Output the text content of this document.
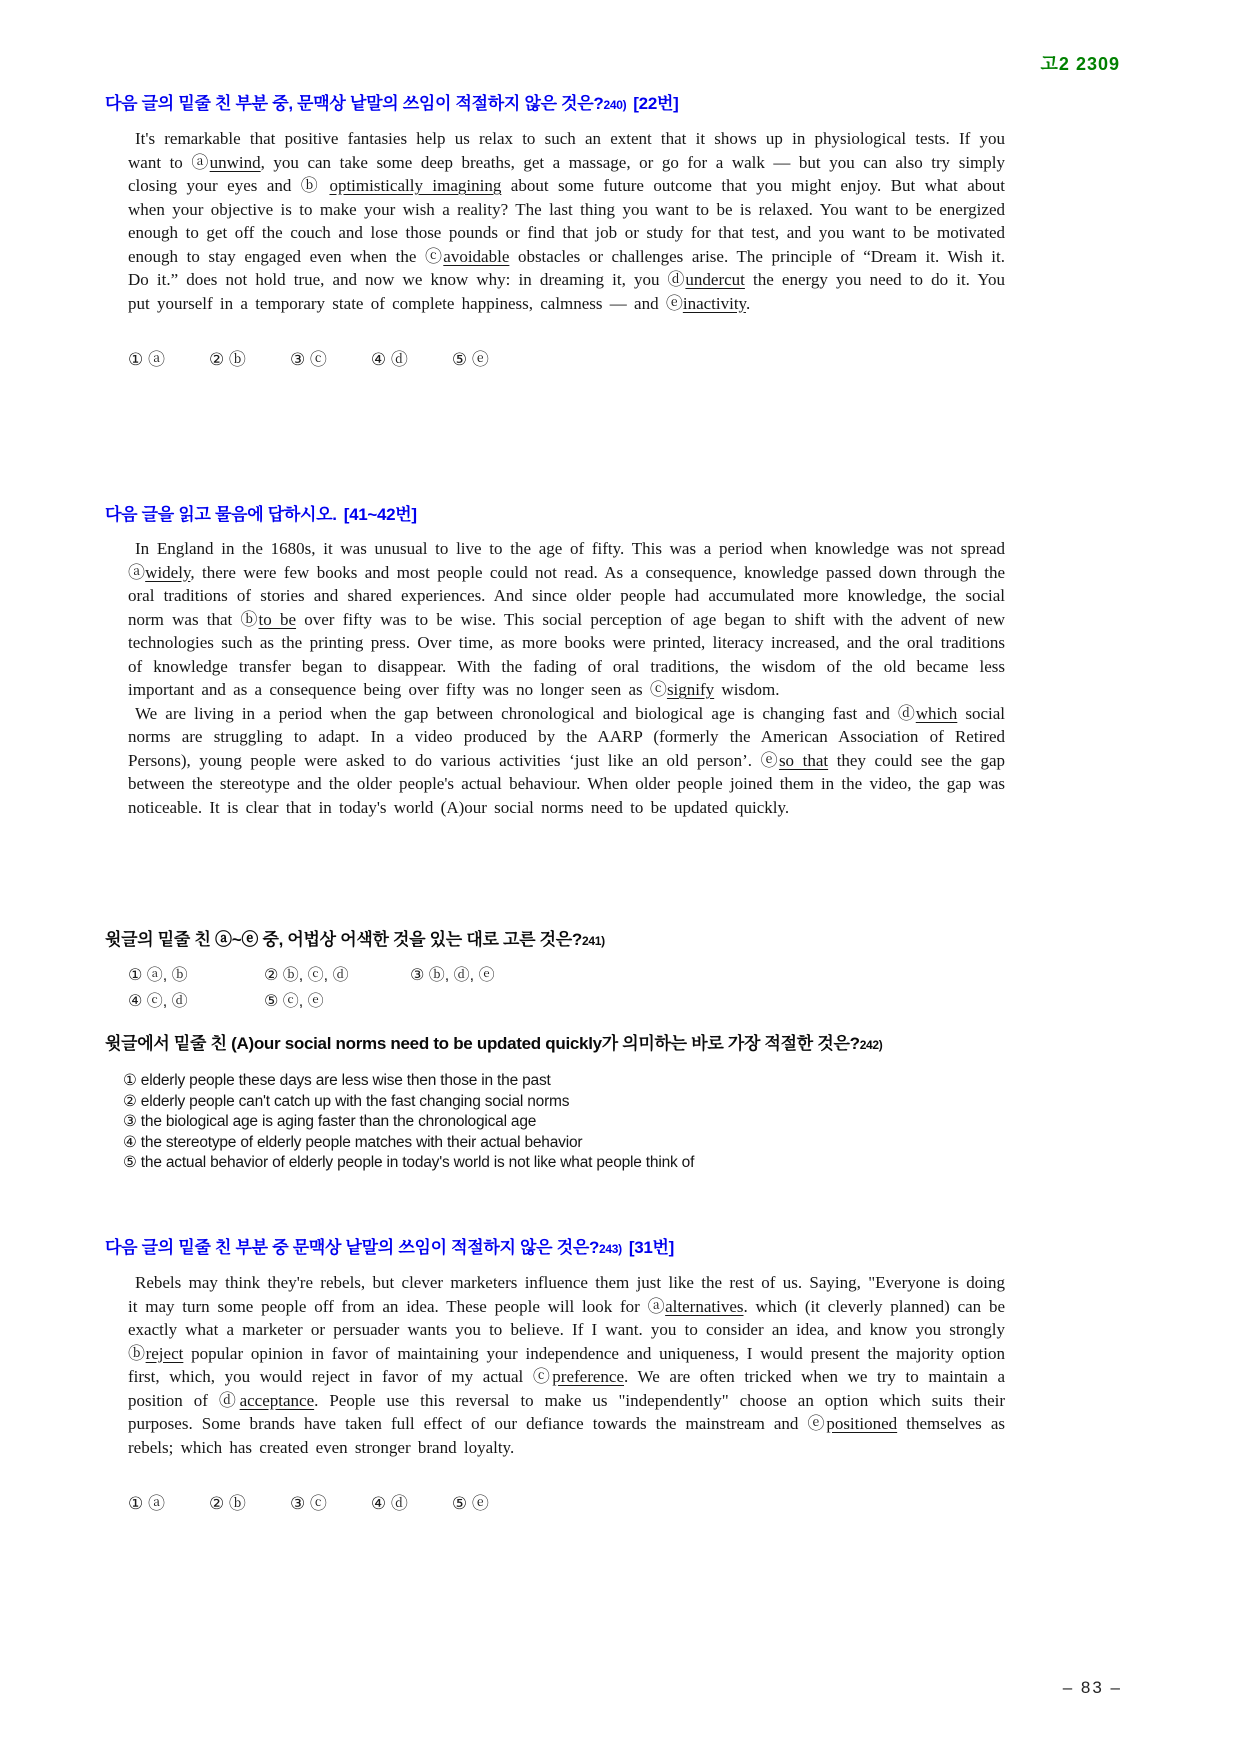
고2 2309
다음 글의 밑줄 친 부분 중, 문맥상 낱말의 쓰임이 적절하지 않은 것은?240) [22번]

It's remarkable that positive fantasies help us relax to such an extent that it shows up in physiological tests. If you want to ⓐunwind, you can take some deep breaths, get a massage, or go for a walk — but you can also try simply closing your eyes and ⓑ optimistically imagining about some future outcome that you might enjoy. But what about when your objective is to make your wish a reality? The last thing you want to be is relaxed. You want to be energized enough to get off the couch and lose those pounds or find that job or study for that test, and you want to be motivated enough to stay engaged even when the ⓒavoidable obstacles or challenges arise. The principle of “Dream it. Wish it. Do it.” does not hold true, and now we know why: in dreaming it, you ⓓundercut the energy you need to do it. You put yourself in a temporary state of complete happiness, calmness — and ⓔinactivity.

① ⓐ	② ⓑ	③ ⓒ	④ ⓓ	⑤ ⓔ
다음 글을 읽고 물음에 답하시오. [41~42번]

In England in the 1680s, it was unusual to live to the age of fifty. This was a period when knowledge was not spread ⓐwidely, there were few books and most people could not read. As a consequence, knowledge passed down through the oral traditions of stories and shared experiences. And since older people had accumulated more knowledge, the social norm was that ⓑto be over fifty was to be wise. This social perception of age began to shift with the advent of new technologies such as the printing press. Over time, as more books were printed, literacy increased, and the oral traditions of knowledge transfer began to disappear. With the fading of oral traditions, the wisdom of the old became less important and as a consequence being over fifty was no longer seen as ⓒsignify wisdom.

We are living in a period when the gap between chronological and biological age is changing fast and ⓓwhich social norms are struggling to adapt. In a video produced by the AARP (formerly the American Association of Retired Persons), young people were asked to do various activities ‘just like an old person’. ⓔso that they could see the gap between the stereotype and the older people's actual behaviour. When older people joined them in the video, the gap was noticeable. It is clear that in today's world (A)our social norms need to be updated quickly.

윗글의 밑줄 친 ⓐ~ⓔ 중, 어법상 어색한 것을 있는 대로 고른 것은?241)
① ⓐ, ⓑ	② ⓑ, ⓒ, ⓓ	③ ⓑ, ⓓ, ⓔ
④ ⓒ, ⓓ	⑤ ⓒ, ⓔ
윗글에서 밑줄 친 (A)our social norms need to be updated quickly가 의미하는 바로 가장 적절한 것은?242)
① elderly people these days are less wise then those in the past
② elderly people can't catch up with the fast changing social norms
③ the biological age is aging faster than the chronological age
④ the stereotype of elderly people matches with their actual behavior
⑤ the actual behavior of elderly people in today's world is not like what people think of
다음 글의 밑줄 친 부분 중 문맥상 낱말의 쓰임이 적절하지 않은 것은?243) [31번]

Rebels may think they're rebels, but clever marketers influence them just like the rest of us. Saying, "Everyone is doing it may turn some people off from an idea. These people will look for ⓐalternatives. which (it cleverly planned) can be exactly what a marketer or persuader wants you to believe. If I want. you to consider an idea, and know you strongly ⓑreject popular opinion in favor of maintaining your independence and uniqueness, I would present the majority option first, which, you would reject in favor of my actual ⓒpreference. We are often tricked when we try to maintain a position of ⓓacceptance. People use this reversal to make us "independently" choose an option which suits their purposes. Some brands have taken full effect of our defiance towards the mainstream and ⓔpositioned themselves as rebels; which has created even stronger brand loyalty.

① ⓐ	② ⓑ	③ ⓒ	④ ⓓ	⑤ ⓔ
– 83 –
